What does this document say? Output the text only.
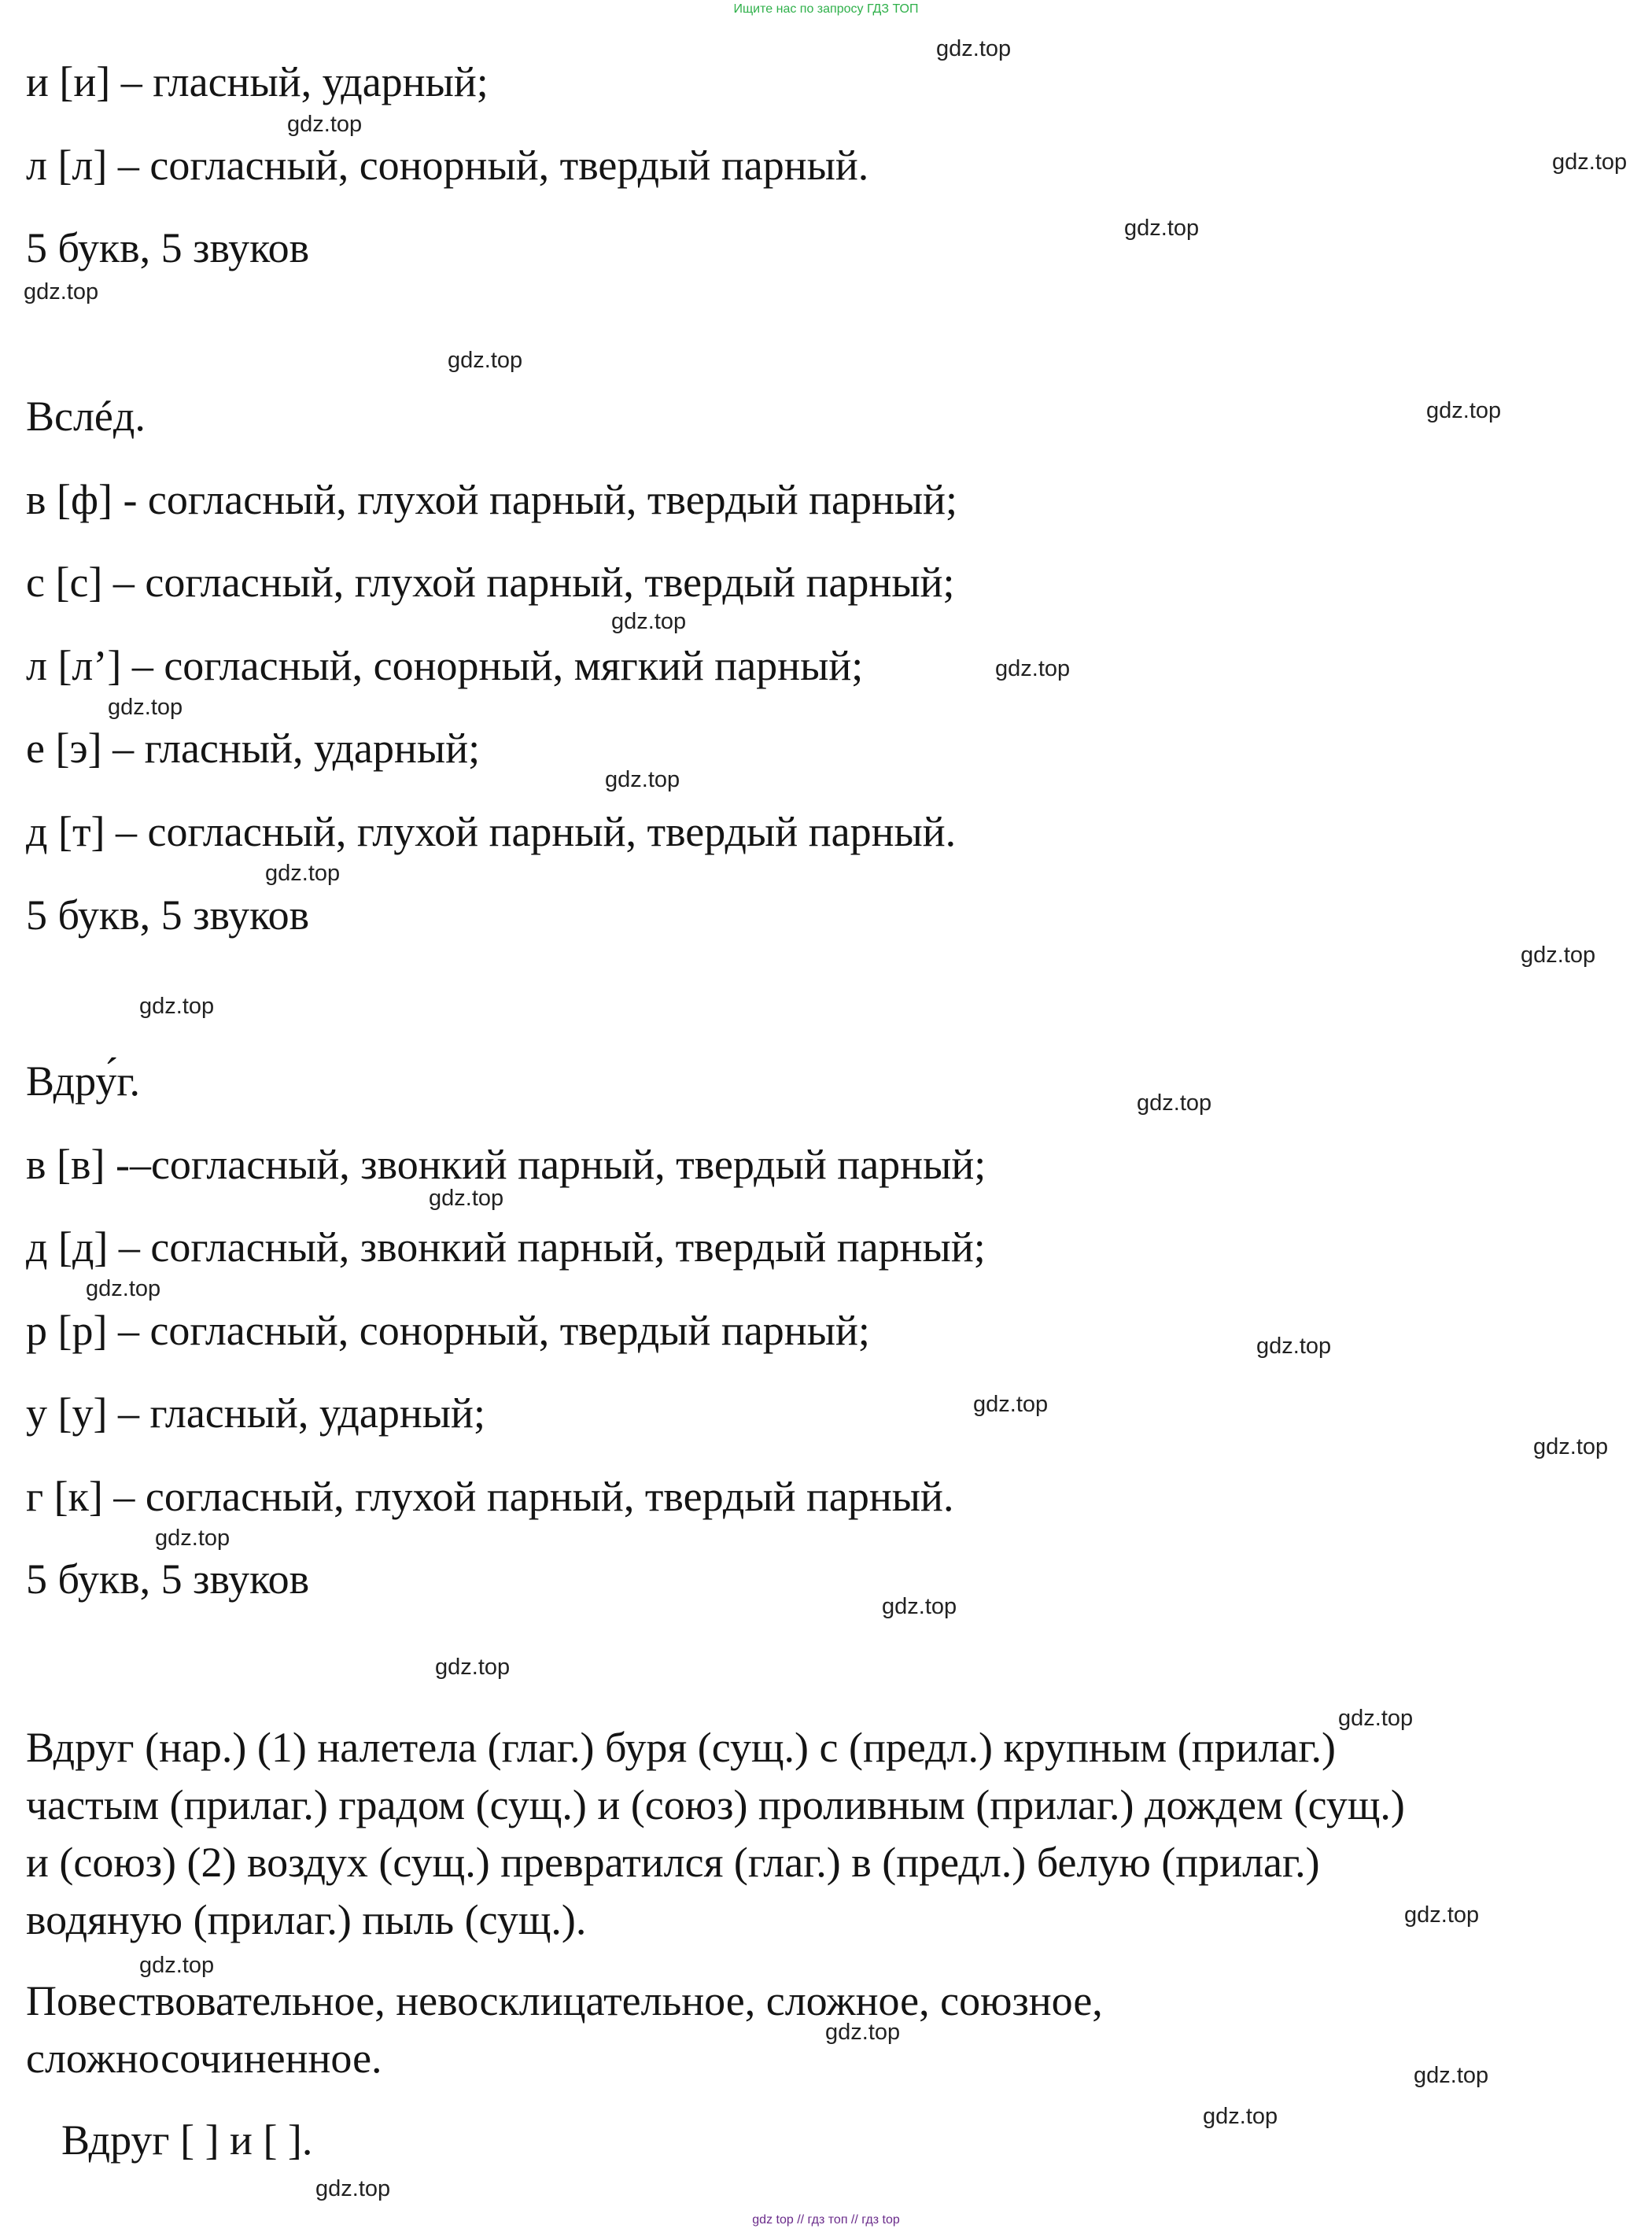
Ищите нас по запросу ГДЗ ТОП
и [и] – гласный, ударный;
л [л] – согласный, сонорный, твердый парный.
5 букв, 5 звуков
Вслéд.
в [ф] - согласный, глухой парный, твердый парный;
с [с] – согласный, глухой парный, твердый парный;
л [л’] – согласный, сонорный, мягкий парный;
е [э] – гласный, ударный;
д [т] – согласный, глухой парный, твердый парный.
5 букв, 5 звуков
Вдру́г.
в [в] -–согласный, звонкий парный, твердый парный;
д [д] – согласный, звонкий парный, твердый парный;
р [р] – согласный, сонорный, твердый парный;
у [у] – гласный, ударный;
г [к] – согласный, глухой парный, твердый парный.
5 букв, 5 звуков
Вдруг (нар.) (1) налетела (глаг.) буря (сущ.) с (предл.) крупным (прилаг.)
частым (прилаг.) градом (сущ.) и (союз) проливным (прилаг.) дождем (сущ.)
и (союз) (2) воздух (сущ.) превратился (глаг.) в (предл.) белую (прилаг.)
водяную (прилаг.) пыль (сущ.).
Повествовательное, невосклицательное, сложное, союзное,
сложносочиненное.
Вдруг [ ] и [ ].
gdz.top
gdz.top
gdz.top
gdz.top
gdz.top
gdz.top
gdz.top
gdz.top
gdz.top
gdz.top
gdz.top
gdz.top
gdz.top
gdz.top
gdz.top
gdz.top
gdz.top
gdz.top
gdz.top
gdz.top
gdz.top
gdz.top
gdz.top
gdz.top
gdz.top
gdz.top
gdz.top
gdz.top
gdz.top
gdz.top
gdz top // гдз топ // гдз top
